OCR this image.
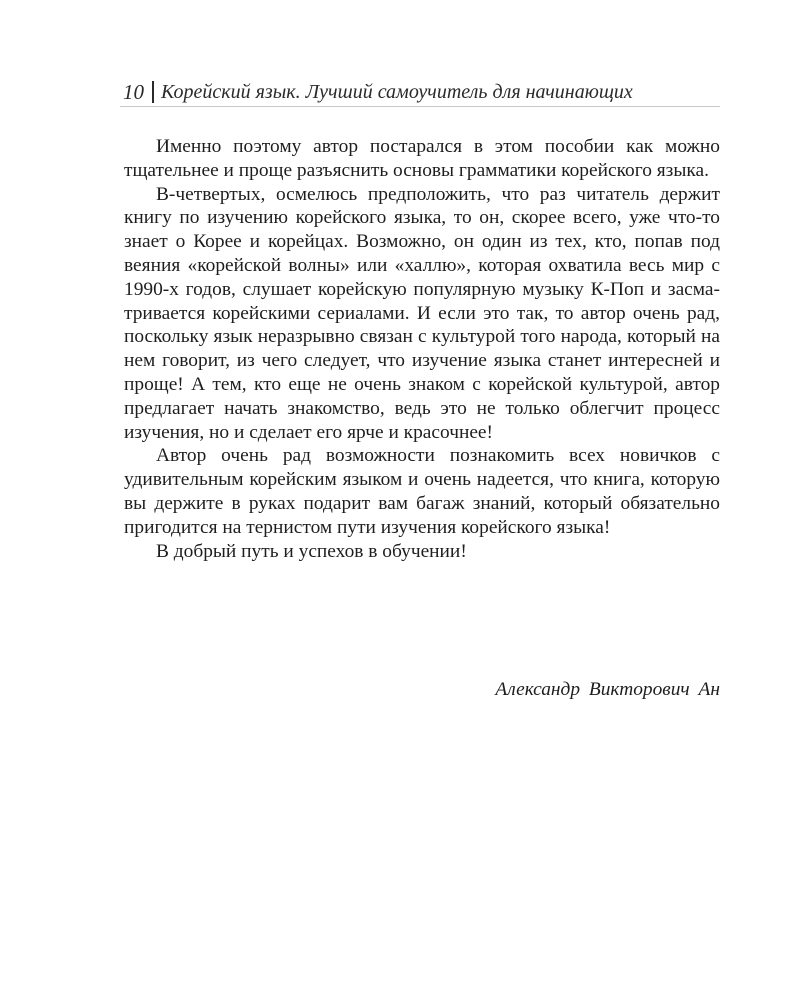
10 Корейский язык. Лучший самоучитель для начинающих

Именно поэтому автор постарался в этом пособии как можно тщательнее и проще разъяснить основы грамматики корейского языка.

В-четвертых, осмелюсь предположить, что раз читатель держит книгу по изучению корейского языка, то он, скорее всего, уже что-то знает о Корее и корейцах. Возможно, он один из тех, кто, попав под веяния «корейской волны» или «халлю», которая охватила весь мир с 1990-х годов, слушает корейскую популярную музыку К-Поп и засматривается корейскими сериалами. И если это так, то автор очень рад, поскольку язык неразрывно связан с культурой того народа, который на нем говорит, из чего следует, что изучение языка станет интересней и проще! А тем, кто еще не очень знаком с корейской культурой, автор предлагает начать знакомство, ведь это не только облегчит процесс изучения, но и сделает его ярче и красочнее!

Автор очень рад возможности познакомить всех новичков с удивительным корейским языком и очень надеется, что книга, которую вы держите в руках подарит вам багаж знаний, который обязательно пригодится на тернистом пути изучения корейского языка!

В добрый путь и успехов в обучении!

Александр Викторович Ан
